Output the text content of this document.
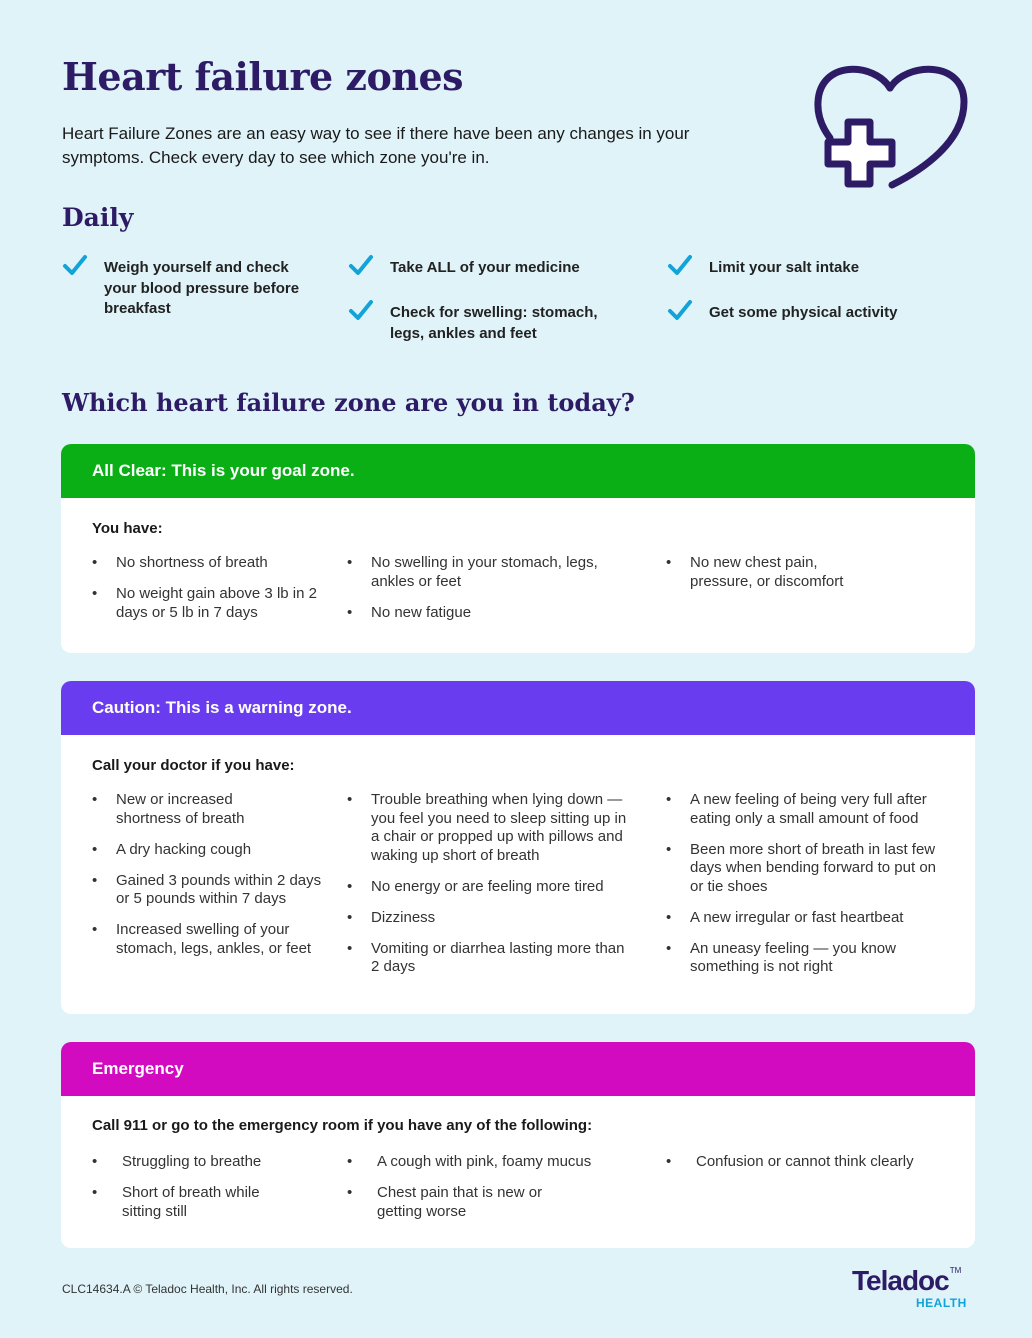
Heart failure zones
Heart Failure Zones are an easy way to see if there have been any changes in your symptoms. Check every day to see which zone you're in.
Daily
Weigh yourself and check your blood pressure before breakfast
Take ALL of your medicine
Check for swelling: stomach, legs, ankles and feet
Limit your salt intake
Get some physical activity
Which heart failure zone are you in today?
All Clear: This is your goal zone.
You have:
• No shortness of breath
• No weight gain above 3 lb in 2 days or 5 lb in 7 days
• No swelling in your stomach, legs, ankles or feet
• No new fatigue
• No new chest pain, pressure, or discomfort
Caution: This is a warning zone.
Call your doctor if you have:
• New or increased shortness of breath
• A dry hacking cough
• Gained 3 pounds within 2 days or 5 pounds within 7 days
• Increased swelling of your stomach, legs, ankles, or feet
• Trouble breathing when lying down — you feel you need to sleep sitting up in a chair or propped up with pillows and waking up short of breath
• No energy or are feeling more tired
• Dizziness
• Vomiting or diarrhea lasting more than 2 days
• A new feeling of being very full after eating only a small amount of food
• Been more short of breath in last few days when bending forward to put on or tie shoes
• A new irregular or fast heartbeat
• An uneasy feeling — you know something is not right
Emergency
Call 911 or go to the emergency room if you have any of the following:
• Struggling to breathe
• Short of breath while sitting still
• A cough with pink, foamy mucus
• Chest pain that is new or getting worse
• Confusion or cannot think clearly
CLC14634.A © Teladoc Health, Inc. All rights reserved.	Teladoc™
HEALTH
